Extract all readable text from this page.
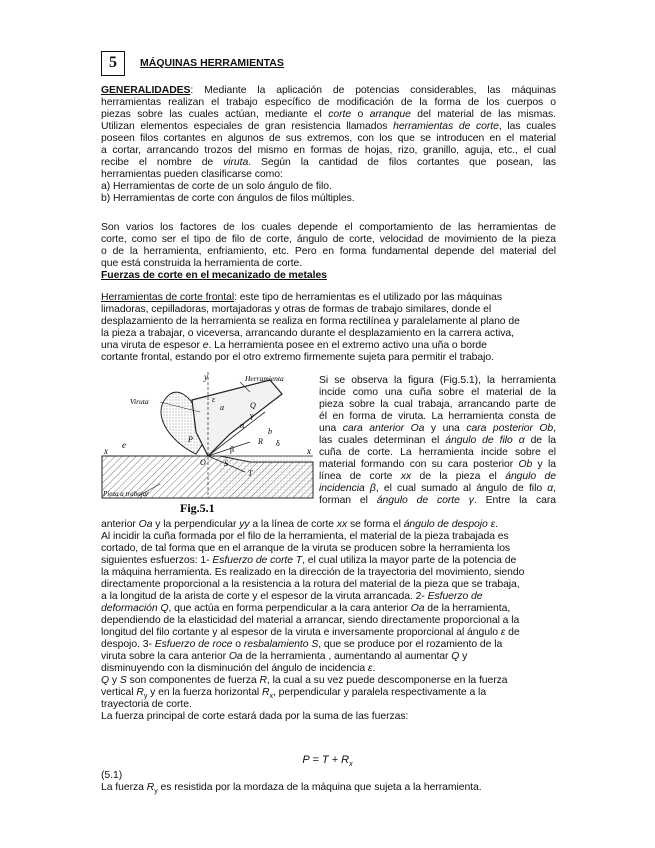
5	MÁQUINAS HERRAMIENTAS
GENERALIDADES: Mediante la aplicación de potencias considerables, las máquinas
herramientas realizan el trabajo específico de modificación de la forma de los cuerpos o
piezas sobre las cuales actúan, mediante el corte o arranque del material de las mismas.
Utilizan elementos especiales de gran resistencia llamados herramientas de corte, las cuales
poseen filos cortantes en algunos de sus extremos, con los que se introducen en el material
a cortar, arrancando trozos del mismo en formas de hojas, rizo, granillo, aguja, etc., el cual
recibe el nombre de viruta. Según la cantidad de filos cortantes que posean, las
herramientas pueden clasificarse como:
a) Herramientas de corte de un solo ángulo de filo.
b) Herramientas de corte con ángulos de filos múltiples.
Son varios los factores de los cuales depende el comportamiento de las herramientas de
corte, como ser el tipo de filo de corte, ángulo de corte, velocidad de movimiento de la pieza
o de la herramienta, enfriamiento, etc. Pero en forma fundamental depende del material del
que está construida la herramienta de corte.
Fuerzas de corte en el mecanizado de metales
Herramientas de corte frontal: este tipo de herramientas es el utilizado por las máquinas
limadoras, cepilladoras, mortajadoras y otras de formas de trabajo similares, donde el
desplazamiento de la herramienta se realiza en forma rectilínea y paralelamente al plano de
la pieza a trabajar, o viceversa, arrancando durante el desplazamiento en la carrera activa,
una viruta de espesor e. La herramienta posee en el extremo activo una uña o borde
cortante frontal, estando por el otro extremo firmemente sujeta para permitir el trabajo.
Herramienta
Viruta
Pieza a trabajar
y
x	x
e
O
a
b
α
β
γ
δ
ε
P
Q
S
T
R
Fig.5.1
Si se observa la figura (Fig.5.1), la herramienta
incide como una cuña sobre el material de la
pieza sobre la cual trabaja, arrancando parte de
él en forma de viruta. La herramienta consta de
una cara anterior Oa y una cara posterior Ob,
las cuales determinan el ángulo de filo α de la
cuña de corte. La herramienta incide sobre el
material formando con su cara posterior Ob y la
línea de corte xx de la pieza el ángulo de
incidencia β, el cual sumado al ángulo de filo α,
forman el ángulo de corte γ. Entre la cara
anterior Oa y la perpendicular yy a la línea de corte xx se forma el ángulo de despojo ε.
Al incidir la cuña formada por el filo de la herramienta, el material de la pieza trabajada es
cortado, de tal forma que en el arranque de la viruta se producen sobre la herramienta los
siguientes esfuerzos: 1- Esfuerzo de corte T, el cual utiliza la mayor parte de la potencia de
la máquina herramienta. Es realizado en la dirección de la trayectoria del movimiento, siendo
directamente proporcional a la resistencia a la rotura del material de la pieza que se trabaja,
a la longitud de la arista de corte y el espesor de la viruta arrancada. 2- Esfuerzo de
deformación Q, que actúa en forma perpendicular a la cara anterior Oa de la herramienta,
dependiendo de la elasticidad del material a arrancar, siendo directamente proporcional a la
longitud del filo cortante y al espesor de la viruta e inversamente proporcional al ángulo ε de
despojo. 3- Esfuerzo de roce o resbalamiento S, que se produce por el rozamiento de la
viruta sobre la cara anterior Oa de la herramienta , aumentando al aumentar Q y
disminuyendo con la disminución del ángulo de incidencia ε.
Q y S son componentes de fuerza R, la cual a su vez puede descomponerse en la fuerza
vertical $R_y$ y en la fuerza horizontal $R_x$, perpendicular y paralela respectivamente a la
trayectoria de corte.
La fuerza principal de corte estará dada por la suma de las fuerzas:
$P = T + R_x$
(5.1)
La fuerza $R_y$ es resistida por la mordaza de la máquina que sujeta a la herramienta.
